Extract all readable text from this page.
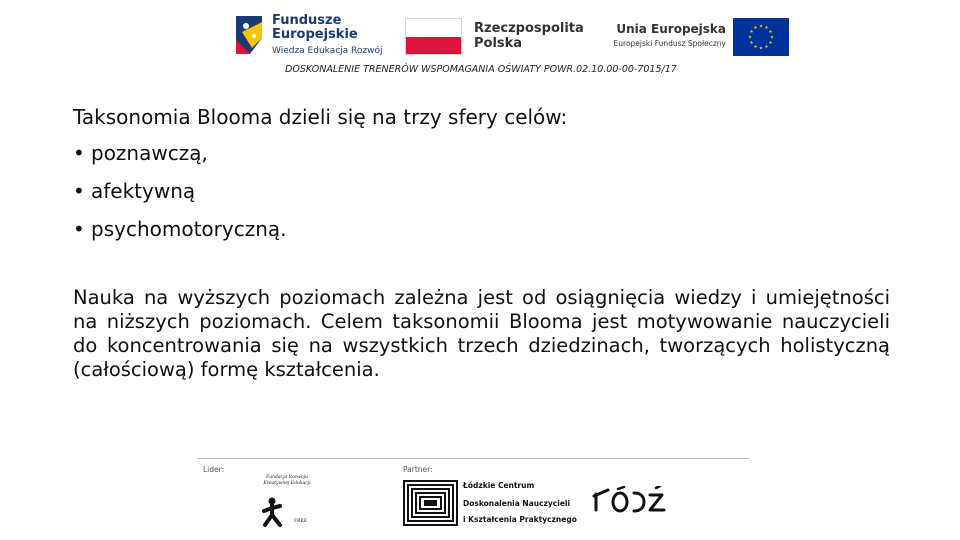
Fundusze
Europejskie
Wiedza Edukacja Rozwój
Rzeczpospolita
Polska
Unia Europejska
Europejski Fundusz Społeczny
DOSKONALENIE TRENERÓW WSPOMAGANIA OŚWIATY POWR.02.10.00-00-7015/17
Taksonomia Blooma dzieli się na trzy sfery celów:
• poznawczą,
• afektywną
• psychomotoryczną.
Nauka na wyższych poziomach zależna jest od osiągnięcia wiedzy i umiejętności na niższych poziomach. Celem taksonomii Blooma jest motywowanie nauczycieli do koncentrowania się na wszystkich trzech dziedzinach, tworzących holistyczną (całościową) formę kształcenia.
Lider:	Partner:
Fundacja Rozwoju Kreatywnej Edukacji
FRKE
Łódzkie Centrum
Doskonalenia Nauczycieli
i Kształcenia Praktycznego
